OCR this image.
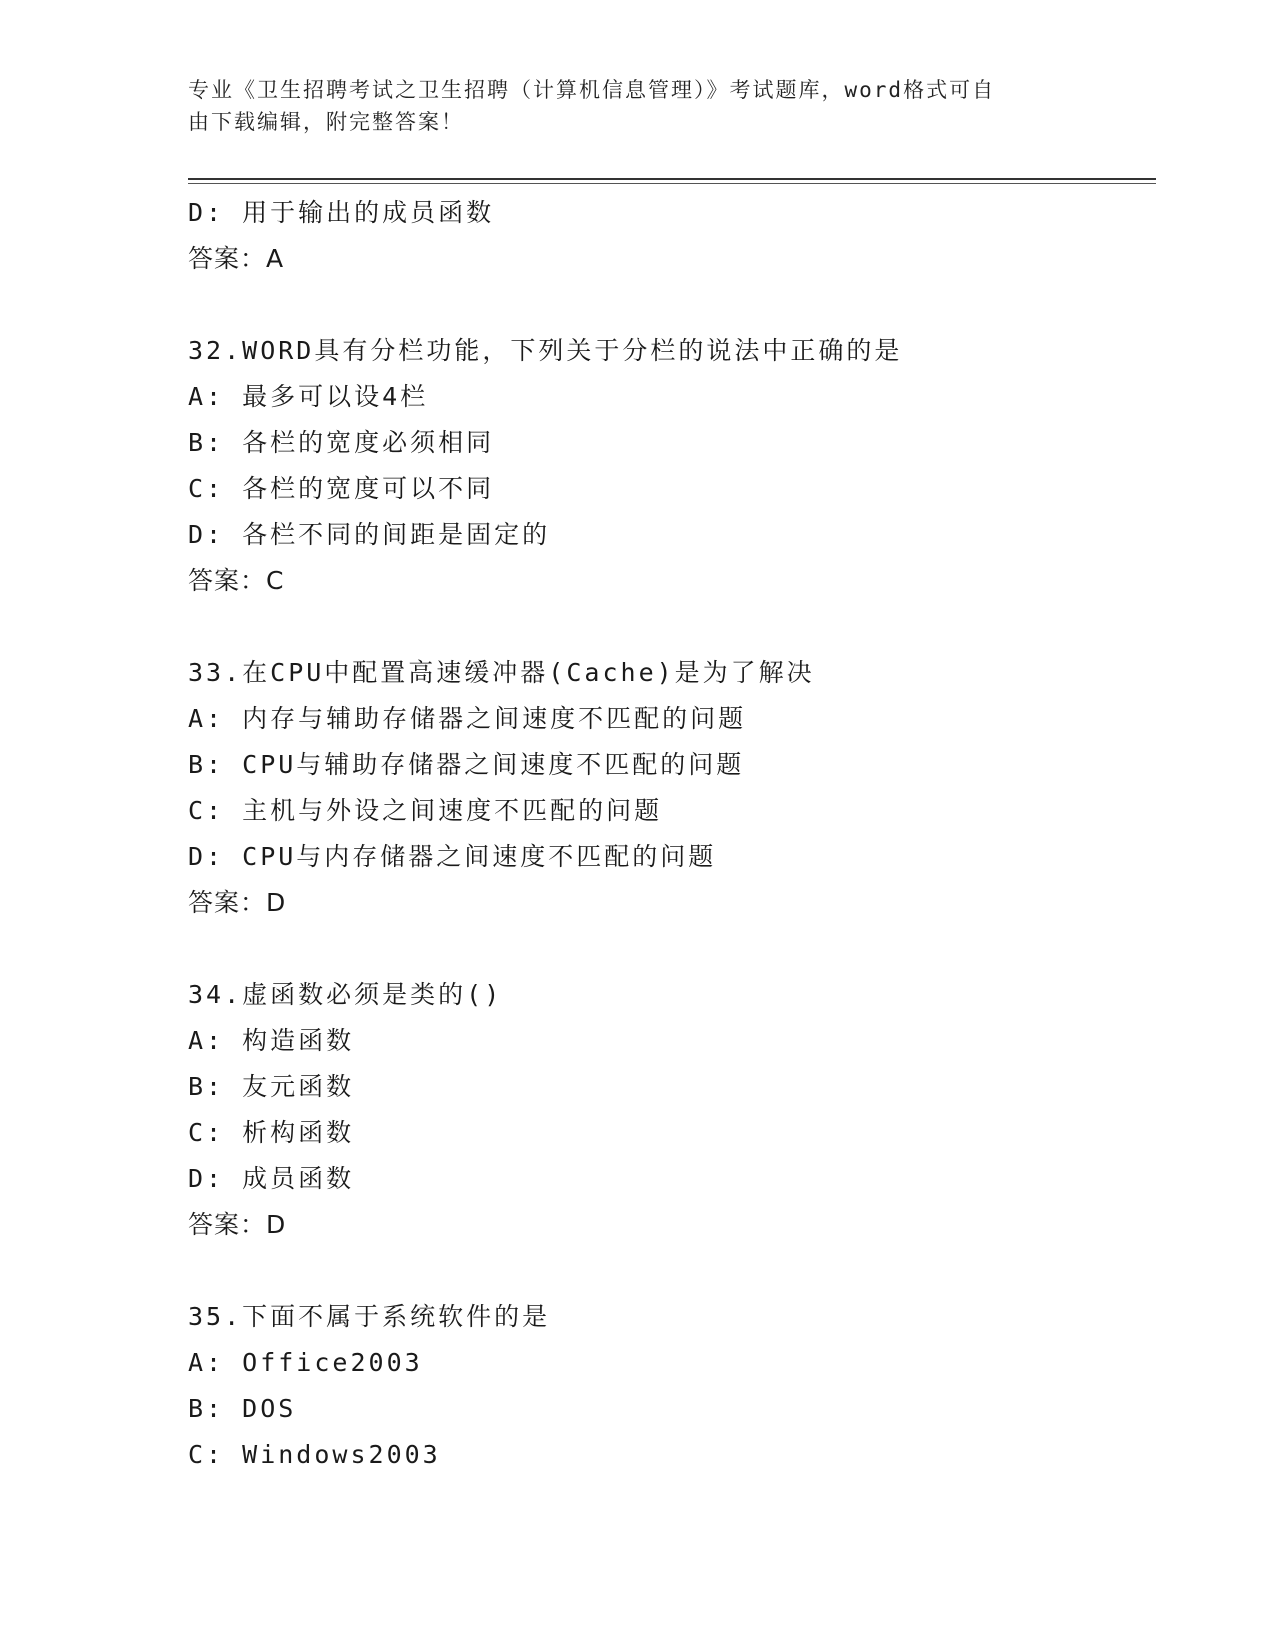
专业《卫生招聘考试之卫生招聘（计算机信息管理）》考试题库，word格式可自
由下载编辑，附完整答案！
D: 用于输出的成员函数
答案：A
32.WORD具有分栏功能，下列关于分栏的说法中正确的是
A: 最多可以设4栏
B: 各栏的宽度必须相同
C: 各栏的宽度可以不同
D: 各栏不同的间距是固定的
答案：C
33.在CPU中配置高速缓冲器(Cache)是为了解决
A: 内存与辅助存储器之间速度不匹配的问题
B: CPU与辅助存储器之间速度不匹配的问题
C: 主机与外设之间速度不匹配的问题
D: CPU与内存储器之间速度不匹配的问题
答案：D
34.虚函数必须是类的()
A: 构造函数
B: 友元函数
C: 析构函数
D: 成员函数
答案：D
35.下面不属于系统软件的是
A: Office2003
B: DOS
C: Windows2003
